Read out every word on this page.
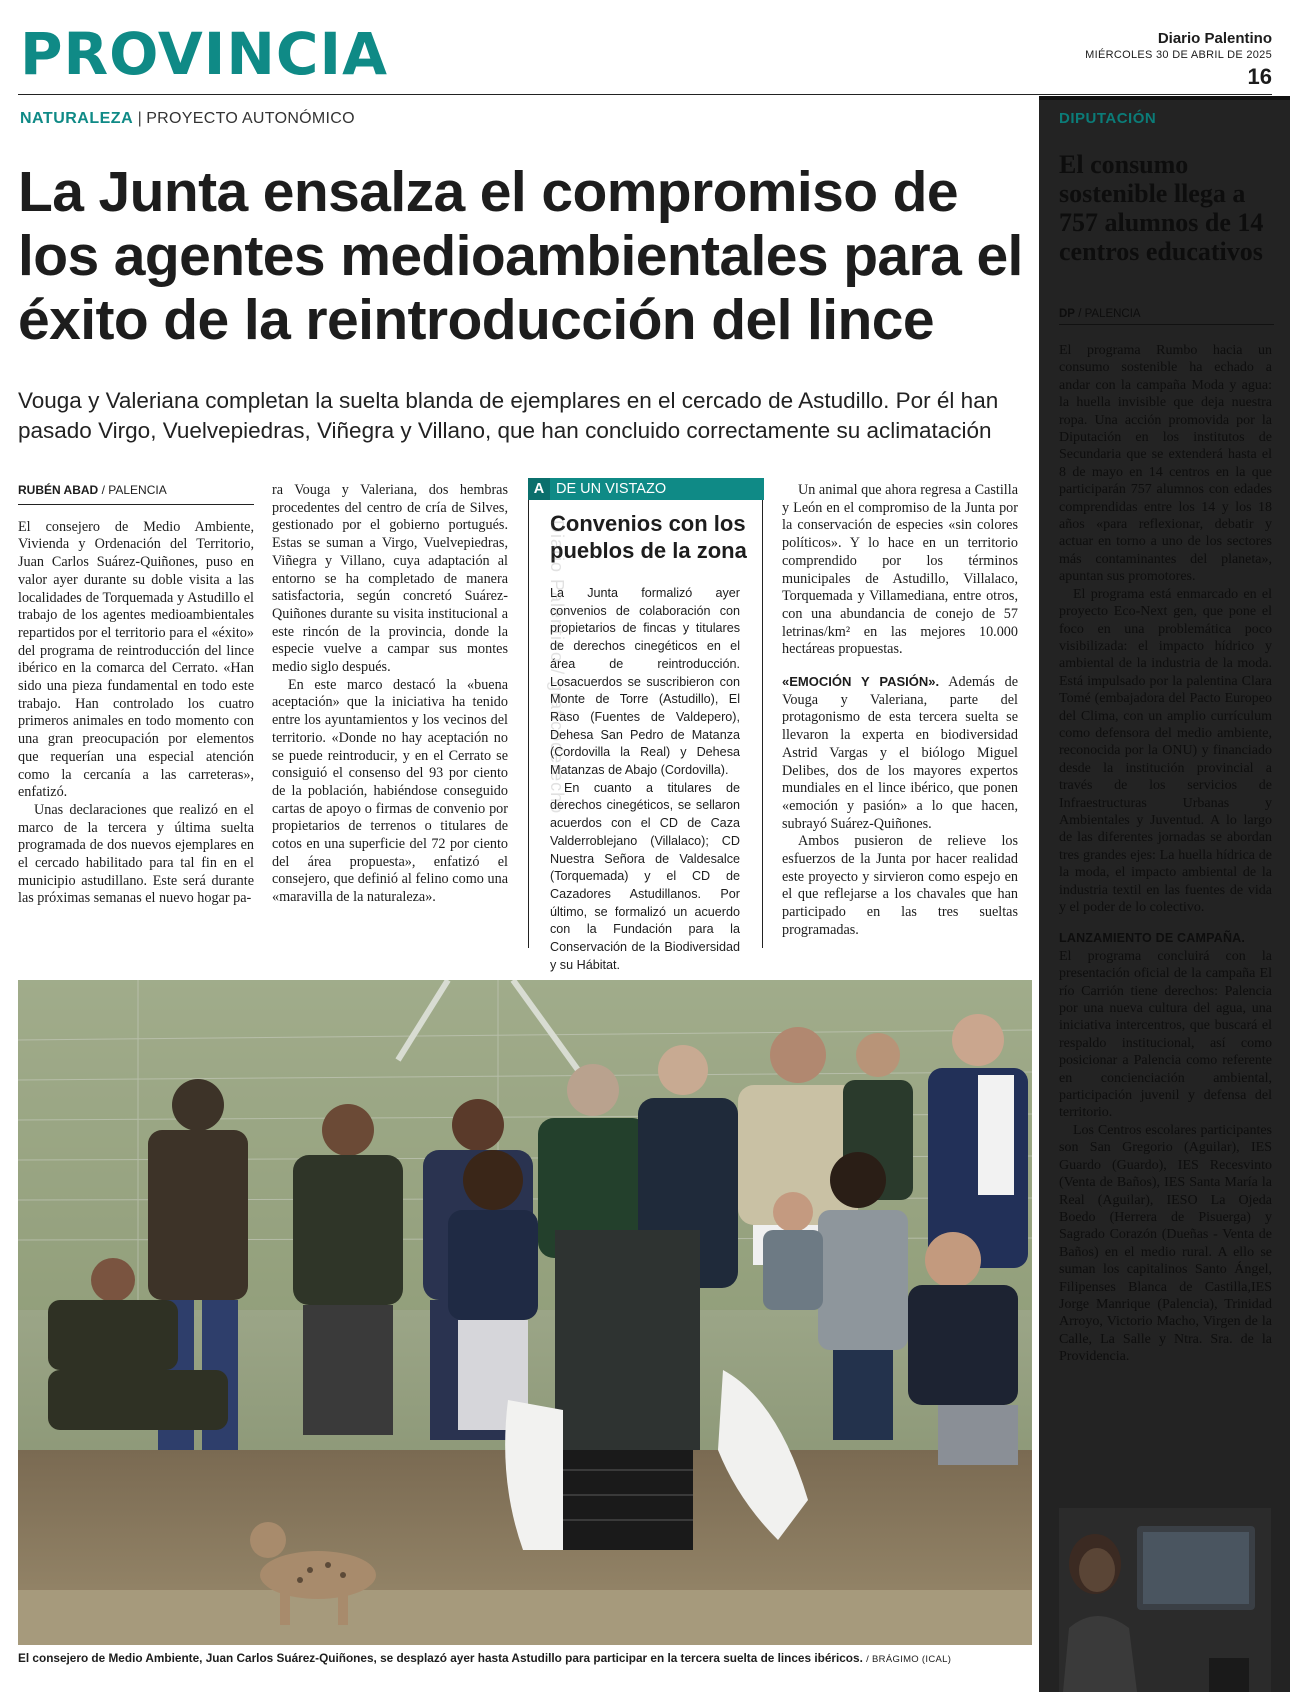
PROVINCIA	Diario Palentino
MIÉRCOLES 30 DE ABRIL DE 2025
16
NATURALEZA | PROYECTO AUTONÓMICO
La Junta ensalza el compromiso de los agentes medioambientales para el éxito de la reintroducción del lince

Vouga y Valeriana completan la suelta blanda de ejemplares en el cercado de Astudillo. Por él han pasado Virgo, Vuelvepiedras, Viñegra y Villano, que han concluido correctamente su aclimatación

RUBÉN ABAD / PALENCIA

El consejero de Medio Ambiente, Vivienda y Ordenación del Territorio, Juan Carlos Suárez-Quiñones, puso en valor ayer durante su doble visita a las localidades de Torquemada y Astudillo el trabajo de los agentes medioambientales repartidos por el territorio para el «éxito» del programa de reintroducción del lince ibérico en la comarca del Cerrato. «Han sido una pieza fundamental en todo este trabajo. Han controlado los cuatro primeros animales en todo momento con una gran preocupación por elementos que requerían una especial atención como la cercanía a las carreteras», enfatizó.

Unas declaraciones que realizó en el marco de la tercera y última suelta programada de dos nuevos ejemplares en el cercado habilitado para tal fin en el municipio astudillano. Este será durante las próximas semanas el nuevo hogar pa-

ra Vouga y Valeriana, dos hembras procedentes del centro de cría de Silves, gestionado por el gobierno portugués. Estas se suman a Virgo, Vuelvepiedras, Viñegra y Villano, cuya adaptación al entorno se ha completado de manera satisfactoria, según concretó Suárez-Quiñones durante su visita institucional a este rincón de la provincia, donde la especie vuelve a campar sus montes medio siglo después.

En este marco destacó la «buena aceptación» que la iniciativa ha tenido entre los ayuntamientos y los vecinos del territorio. «Donde no hay aceptación no se puede reintroducir, y en el Cerrato se consiguió el consenso del 93 por ciento de la población, habiéndose conseguido cartas de apoyo o firmas de convenio por propietarios de terrenos o titulares de cotos en una superficie del 72 por ciento del área propuesta», enfatizó el consejero, que definió al felino como una «maravilla de la naturaleza».

A DE UN VISTAZO
Convenios con los pueblos de la zona

La Junta formalizó ayer convenios de colaboración con propietarios de fincas y titulares de derechos cinegéticos en el área de reintroducción. Losacuerdos se suscribieron con Monte de Torre (Astudillo), El Raso (Fuentes de Valdepero), Dehesa San Pedro de Matanza (Cordovilla la Real) y Dehesa Matanzas de Abajo (Cordovilla).

En cuanto a titulares de derechos cinegéticos, se sellaron acuerdos con el CD de Caza Valderroblejano (Villalaco); CD Nuestra Señora de Valdesalce (Torquemada) y el CD de Cazadores Astudillanos. Por último, se formalizó un acuerdo con la Fundación para la Conservación de la Biodiversidad y su Hábitat.

Diario Palentino / graficoderecho

Un animal que ahora regresa a Castilla y León en el compromiso de la Junta por la conservación de especies «sin colores políticos». Y lo hace en un territorio comprendido por los términos municipales de Astudillo, Villalaco, Torquemada y Villamediana, entre otros, con una abundancia de conejo de 57 letrinas/km² en las mejores 10.000 hectáreas propuestas.

«EMOCIÓN Y PASIÓN». Además de Vouga y Valeriana, parte del protagonismo de esta tercera suelta se llevaron la experta en biodiversidad Astrid Vargas y el biólogo Miguel Delibes, dos de los mayores expertos mundiales en el lince ibérico, que ponen «emoción y pasión» a lo que hacen, subrayó Suárez-Quiñones.

Ambos pusieron de relieve los esfuerzos de la Junta por hacer realidad este proyecto y sirvieron como espejo en el que reflejarse a los chavales que han participado en las tres sueltas programadas.

DIPUTACIÓN
El consumo sostenible llega a 757 alumnos de 14 centros educativos
DP / PALENCIA

El programa Rumbo hacia un consumo sostenible ha echado a andar con la campaña Moda y agua: la huella invisible que deja nuestra ropa. Una acción promovida por la Diputación en los institutos de Secundaria que se extenderá hasta el 8 de mayo en 14 centros en la que participarán 757 alumnos con edades comprendidas entre los 14 y los 18 años «para reflexionar, debatir y actuar en torno a uno de los sectores más contaminantes del planeta», apuntan sus promotores.

El programa está enmarcado en el proyecto Eco-Next gen, que pone el foco en una problemática poco visibilizada: el impacto hídrico y ambiental de la industria de la moda. Está impulsado por la palentina Clara Tomé (embajadora del Pacto Europeo del Clima, con un amplio currículum como defensora del medio ambiente, reconocida por la ONU) y financiado desde la institución provincial a través de los servicios de Infraestructuras Urbanas y Ambientales y Juventud. A lo largo de las diferentes jornadas se abordan tres grandes ejes: La huella hídrica de la moda, el impacto ambiental de la industria textil en las fuentes de vida y el poder de lo colectivo.

LANZAMIENTO DE CAMPAÑA.

El programa concluirá con la presentación oficial de la campaña El río Carrión tiene derechos: Palencia por una nueva cultura del agua, una iniciativa intercentros, que buscará el respaldo institucional, así como posicionar a Palencia como referente en concienciación ambiental, participación juvenil y defensa del territorio.

Los Centros escolares participantes son San Gregorio (Aguilar), IES Guardo (Guardo), IES Recesvinto (Venta de Baños), IES Santa María la Real (Aguilar), IESO La Ojeda Boedo (Herrera de Pisuerga) y Sagrado Corazón (Dueñas - Venta de Baños) en el medio rural. A ello se suman los capitalinos Santo Ángel, Filipenses Blanca de Castilla,IES Jorge Manrique (Palencia), Trinidad Arroyo, Victorio Macho, Virgen de la Calle, La Salle y Ntra. Sra. de la Providencia.

El consejero de Medio Ambiente, Juan Carlos Suárez-Quiñones, se desplazó ayer hasta Astudillo para participar en la tercera suelta de linces ibéricos. / BRÁGIMO (ICAL)
